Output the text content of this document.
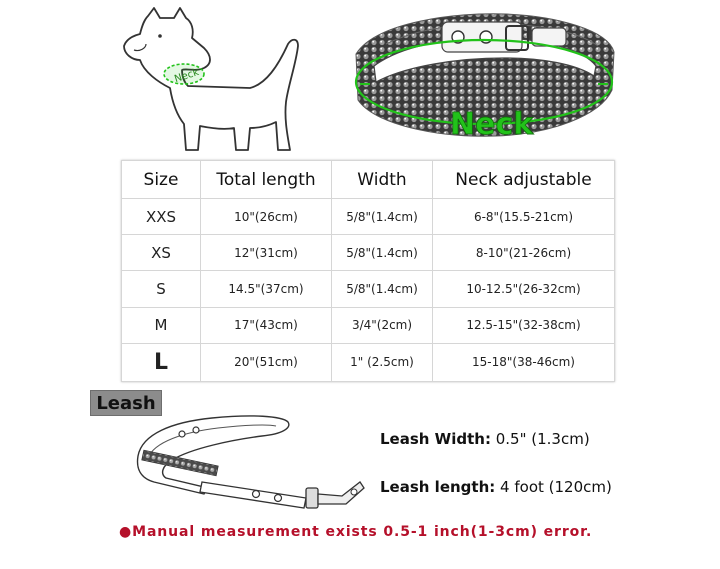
Neck
Neck
Size	Total length	Width	Neck adjustable
XXS	10"(26cm)	5/8"(1.4cm)	6-8"(15.5-21cm)
XS	12"(31cm)	5/8"(1.4cm)	8-10"(21-26cm)
S	14.5"(37cm)	5/8"(1.4cm)	10-12.5"(26-32cm)
M	17"(43cm)	3/4"(2cm)	12.5-15"(32-38cm)
L	20"(51cm)	1" (2.5cm)	15-18"(38-46cm)
Leash
Leash Width: 0.5" (1.3cm)
Leash length: 4 foot (120cm)
●Manual measurement exists 0.5-1 inch(1-3cm) error.
